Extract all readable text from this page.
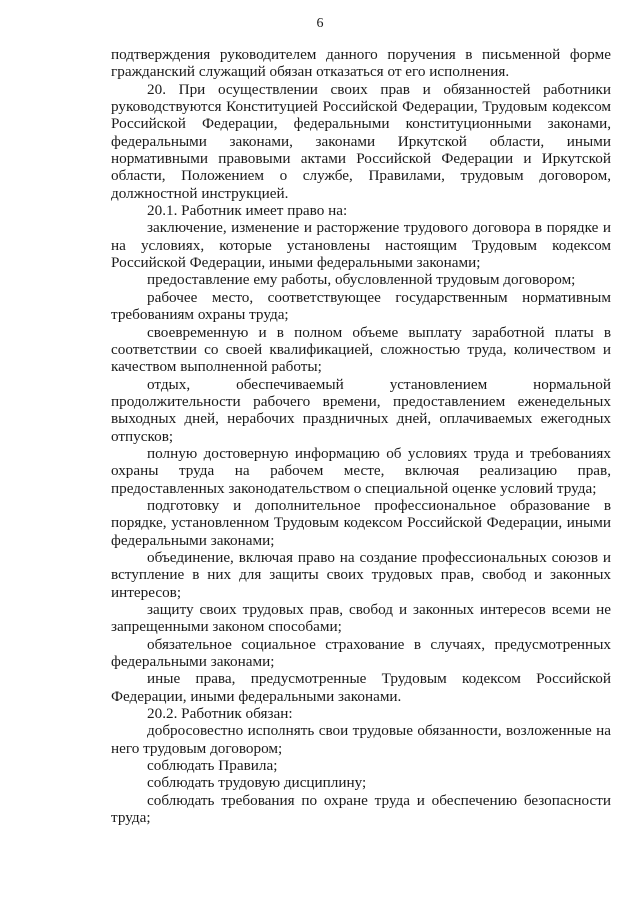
6

подтверждения руководителем данного поручения в письменной форме гражданский служащий обязан отказаться от его исполнения.

20. При осуществлении своих прав и обязанностей работники руководствуются Конституцией Российской Федерации, Трудовым кодексом Российской Федерации, федеральными конституционными законами, федеральными законами, законами Иркутской области, иными нормативными правовыми актами Российской Федерации и Иркутской области, Положением о службе, Правилами, трудовым договором, должностной инструкцией.

20.1. Работник имеет право на:

заключение, изменение и расторжение трудового договора в порядке и на условиях, которые установлены настоящим Трудовым кодексом Российской Федерации, иными федеральными законами;

предоставление ему работы, обусловленной трудовым договором;

рабочее место, соответствующее государственным нормативным требованиям охраны труда;

своевременную и в полном объеме выплату заработной платы в соответствии со своей квалификацией, сложностью труда, количеством и качеством выполненной работы;

отдых, обеспечиваемый установлением нормальной продолжительности рабочего времени, предоставлением еженедельных выходных дней, нерабочих праздничных дней, оплачиваемых ежегодных отпусков;

полную достоверную информацию об условиях труда и требованиях охраны труда на рабочем месте, включая реализацию прав, предоставленных законодательством о специальной оценке условий труда;

подготовку и дополнительное профессиональное образование в порядке, установленном Трудовым кодексом Российской Федерации, иными федеральными законами;

объединение, включая право на создание профессиональных союзов и вступление в них для защиты своих трудовых прав, свобод и законных интересов;

защиту своих трудовых прав, свобод и законных интересов всеми не запрещенными законом способами;

обязательное социальное страхование в случаях, предусмотренных федеральными законами;

иные права, предусмотренные Трудовым кодексом Российской Федерации, иными федеральными законами.

20.2. Работник обязан:

добросовестно исполнять свои трудовые обязанности, возложенные на него трудовым договором;

соблюдать Правила;

соблюдать трудовую дисциплину;

соблюдать требования по охране труда и обеспечению безопасности труда;
